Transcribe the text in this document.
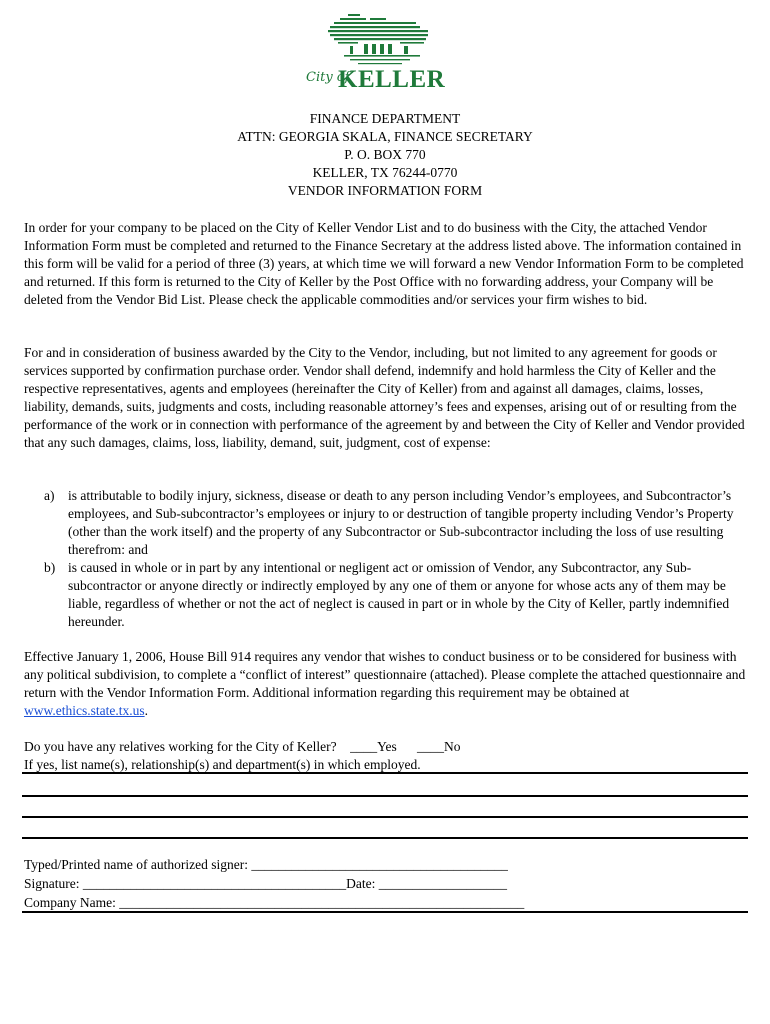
City of
KELLER
FINANCE DEPARTMENT
ATTN: GEORGIA SKALA, FINANCE SECRETARY
P. O. BOX 770
KELLER, TX 76244-0770
VENDOR INFORMATION FORM
In order for your company to be placed on the City of Keller Vendor List and to do business with the City, the attached Vendor Information Form must be completed and returned to the Finance Secretary at the address listed above. The information contained in this form will be valid for a period of three (3) years, at which time we will forward a new Vendor Information Form to be completed and returned. If this form is returned to the City of Keller by the Post Office with no forwarding address, your Company will be deleted from the Vendor Bid List. Please check the applicable commodities and/or services your firm wishes to bid.
For and in consideration of business awarded by the City to the Vendor, including, but not limited to any agreement for goods or services supported by confirmation purchase order. Vendor shall defend, indemnify and hold harmless the City of Keller and the respective representatives, agents and employees (hereinafter the City of Keller) from and against all damages, claims, losses, liability, demands, suits, judgments and costs, including reasonable attorney’s fees and expenses, arising out of or resulting from the performance of the work or in connection with performance of the agreement by and between the City of Keller and Vendor provided that any such damages, claims, loss, liability, demand, suit, judgment, cost of expense:
a) is attributable to bodily injury, sickness, disease or death to any person including Vendor’s employees, and Subcontractor’s employees, and Sub-subcontractor’s employees or injury to or destruction of tangible property including Vendor’s Property (other than the work itself) and the property of any Subcontractor or Sub-subcontractor including the loss of use resulting therefrom: and
b) is caused in whole or in part by any intentional or negligent act or omission of Vendor, any Subcontractor, any Sub-subcontractor or anyone directly or indirectly employed by any one of them or anyone for whose acts any of them may be liable, regardless of whether or not the act of neglect is caused in part or in whole by the City of Keller, partly indemnified hereunder.
Effective January 1, 2006, House Bill 914 requires any vendor that wishes to conduct business or to be considered for business with any political subdivision, to complete a “conflict of interest” questionnaire (attached). Please complete the attached questionnaire and return with the Vendor Information Form. Additional information regarding this requirement may be obtained at www.ethics.state.tx.us.
Do you have any relatives working for the City of Keller?    ____Yes      ____No
If yes, list name(s), relationship(s) and department(s) in which employed.
Typed/Printed name of authorized signer: ______________________________________
Signature: _______________________________________Date: ___________________
Company Name: ____________________________________________________________
